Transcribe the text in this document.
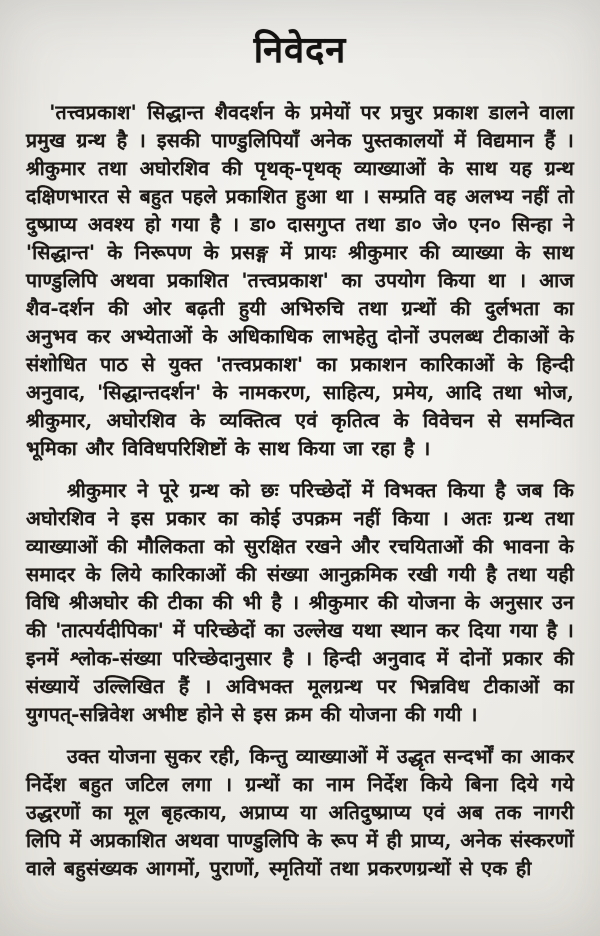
निवेदन

'तत्त्वप्रकाश' सिद्धान्त शैवदर्शन के प्रमेयों पर प्रचुर प्रकाश डालने वाला प्रमुख ग्रन्थ है । इसकी पाण्डुलिपियाँ अनेक पुस्तकालयों में विद्यमान हैं । श्रीकुमार तथा अघोरशिव की पृथक्-पृथक् व्याख्याओं के साथ यह ग्रन्थ दक्षिणभारत से बहुत पहले प्रकाशित हुआ था । सम्प्रति वह अलभ्य नहीं तो दुष्प्राप्य अवश्य हो गया है । डा० दासगुप्त तथा डा० जे० एन० सिन्हा ने 'सिद्धान्त' के निरूपण के प्रसङ्ग में प्रायः श्रीकुमार की व्याख्या के साथ पाण्डुलिपि अथवा प्रकाशित 'तत्त्वप्रकाश' का उपयोग किया था । आज शैव-दर्शन की ओर बढ़ती हुयी अभिरुचि तथा ग्रन्थों की दुर्लभता का अनुभव कर अभ्येताओं के अधिकाधिक लाभहेतु दोनों उपलब्ध टीकाओं के संशोधित पाठ से युक्त 'तत्त्वप्रकाश' का प्रकाशन कारिकाओं के हिन्दी अनुवाद, 'सिद्धान्तदर्शन' के नामकरण, साहित्य, प्रमेय, आदि तथा भोज, श्रीकुमार, अघोरशिव के व्यक्तित्व एवं कृतित्व के विवेचन से समन्वित भूमिका और विविधपरिशिष्टों के साथ किया जा रहा है ।

श्रीकुमार ने पूरे ग्रन्थ को छः परिच्छेदों में विभक्त किया है जब कि अघोरशिव ने इस प्रकार का कोई उपक्रम नहीं किया । अतः ग्रन्थ तथा व्याख्याओं की मौलिकता को सुरक्षित रखने और रचयिताओं की भावना के समादर के लिये कारिकाओं की संख्या आनुक्रमिक रखी गयी है तथा यही विधि श्रीअघोर की टीका की भी है । श्रीकुमार की योजना के अनुसार उन की 'तात्पर्यदीपिका' में परिच्छेदों का उल्लेख यथा स्थान कर दिया गया है । इनमें श्लोक-संख्या परिच्छेदानुसार है । हिन्दी अनुवाद में दोनों प्रकार की संख्यायें उल्लिखित हैं । अविभक्त मूलग्रन्थ पर भिन्नविध टीकाओं का युगपत्-सन्निवेश अभीष्ट होने से इस क्रम की योजना की गयी ।

उक्त योजना सुकर रही, किन्तु व्याख्याओं में उद्धृत सन्दर्भों का आकर निर्देश बहुत जटिल लगा । ग्रन्थों का नाम निर्देश किये बिना दिये गये उद्धरणों का मूल बृहत्काय, अप्राप्य या अतिदुष्प्राप्य एवं अब तक नागरी लिपि में अप्रकाशित अथवा पाण्डुलिपि के रूप में ही प्राप्य, अनेक संस्करणों वाले बहुसंख्यक आगमों, पुराणों, स्मृतियों तथा प्रकरणग्रन्थों से एक ही
